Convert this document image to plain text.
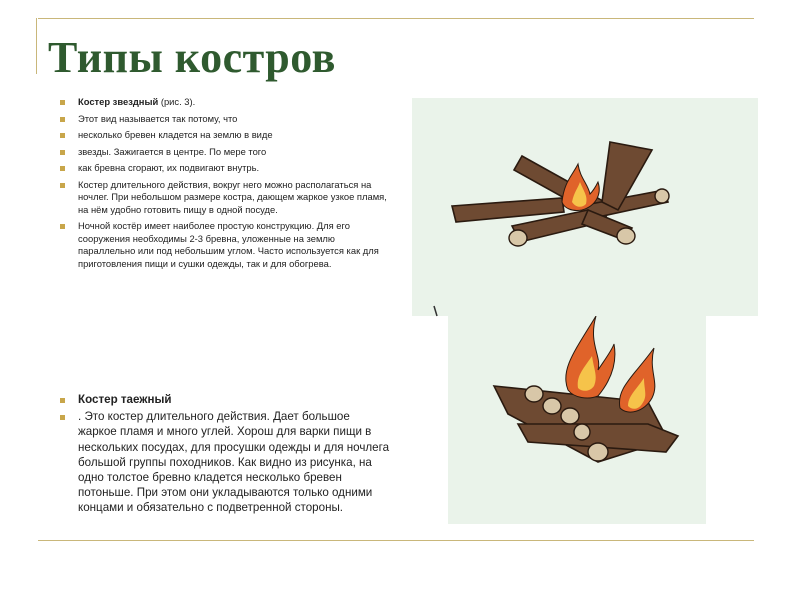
Типы костров
Костер звездный (рис. 3).
Этот вид называется так потому, что
несколько бревен кладется на землю в виде
звезды. Зажигается в центре. По мере того
как бревна сгорают, их подвигают внутрь.
Костер длительного действия, вокруг него можно располагаться на ночлег. При небольшом размере костра, дающем жаркое узкое пламя, на нём удобно готовить пищу в одной посуде.
Ночной костёр имеет наиболее простую конструкцию. Для его сооружения необходимы 2-3 бревна, уложенные на землю параллельно или под небольшим углом. Часто используется как для приготовления пищи и сушки одежды, так и для обогрева.
Костер таежный
. Это костер длительного действия. Дает большое жаркое пламя и много углей. Хорош для варки пищи в нескольких посудах, для просушки одежды и для ночлега большой группы походников. Как видно из рисунка, на одно толстое бревно кладется несколько бревен потоньше. При этом они укладываются только одними концами и обязательно с подветренной стороны.
